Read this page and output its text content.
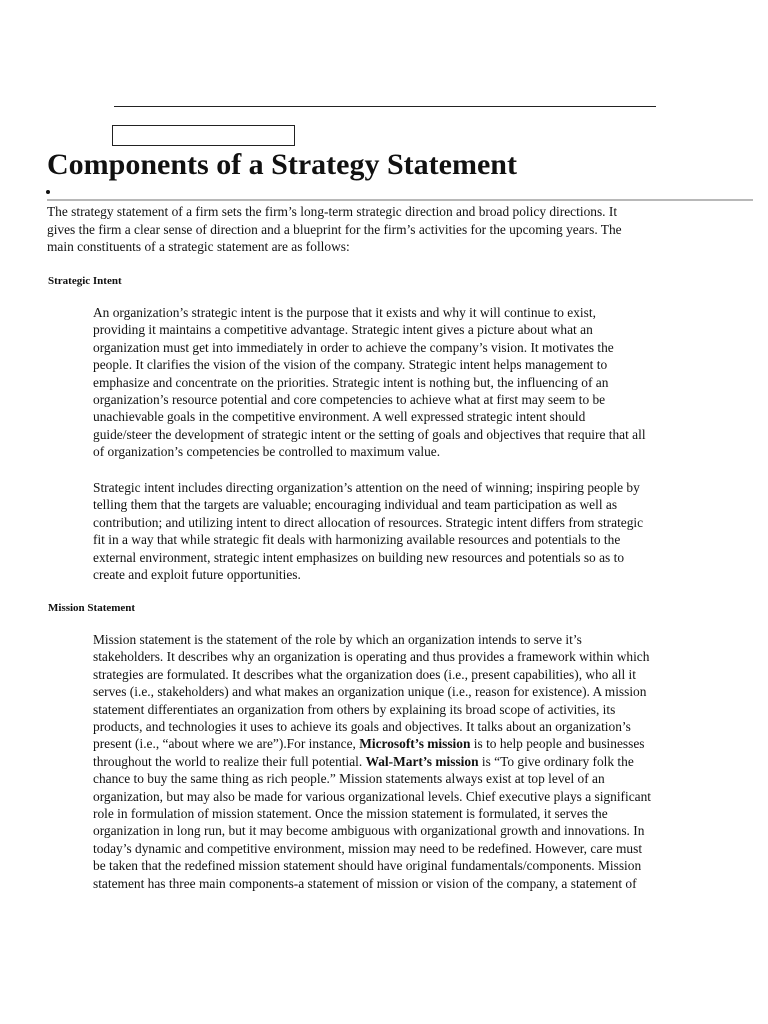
Components of a Strategy Statement

The strategy statement of a firm sets the firm’s long-term strategic direction and broad policy directions. It
gives the firm a clear sense of direction and a blueprint for the firm’s activities for the upcoming years. The
main constituents of a strategic statement are as follows:

Strategic Intent

An organization’s strategic intent is the purpose that it exists and why it will continue to exist,
providing it maintains a competitive advantage. Strategic intent gives a picture about what an
organization must get into immediately in order to achieve the company’s vision. It motivates the
people. It clarifies the vision of the vision of the company. Strategic intent helps management to
emphasize and concentrate on the priorities. Strategic intent is nothing but, the influencing of an
organization’s resource potential and core competencies to achieve what at first may seem to be
unachievable goals in the competitive environment. A well expressed strategic intent should
guide/steer the development of strategic intent or the setting of goals and objectives that require that all
of organization’s competencies be controlled to maximum value.

Strategic intent includes directing organization’s attention on the need of winning; inspiring people by
telling them that the targets are valuable; encouraging individual and team participation as well as
contribution; and utilizing intent to direct allocation of resources. Strategic intent differs from strategic
fit in a way that while strategic fit deals with harmonizing available resources and potentials to the
external environment, strategic intent emphasizes on building new resources and potentials so as to
create and exploit future opportunities.

Mission Statement

Mission statement is the statement of the role by which an organization intends to serve it’s
stakeholders. It describes why an organization is operating and thus provides a framework within which
strategies are formulated. It describes what the organization does (i.e., present capabilities), who all it
serves (i.e., stakeholders) and what makes an organization unique (i.e., reason for existence). A mission
statement differentiates an organization from others by explaining its broad scope of activities, its
products, and technologies it uses to achieve its goals and objectives. It talks about an organization’s
present (i.e., “about where we are”).For instance, Microsoft’s mission is to help people and businesses
throughout the world to realize their full potential. Wal-Mart’s mission is “To give ordinary folk the
chance to buy the same thing as rich people.” Mission statements always exist at top level of an
organization, but may also be made for various organizational levels. Chief executive plays a significant
role in formulation of mission statement. Once the mission statement is formulated, it serves the
organization in long run, but it may become ambiguous with organizational growth and innovations. In
today’s dynamic and competitive environment, mission may need to be redefined. However, care must
be taken that the redefined mission statement should have original fundamentals/components. Mission
statement has three main components-a statement of mission or vision of the company, a statement of
